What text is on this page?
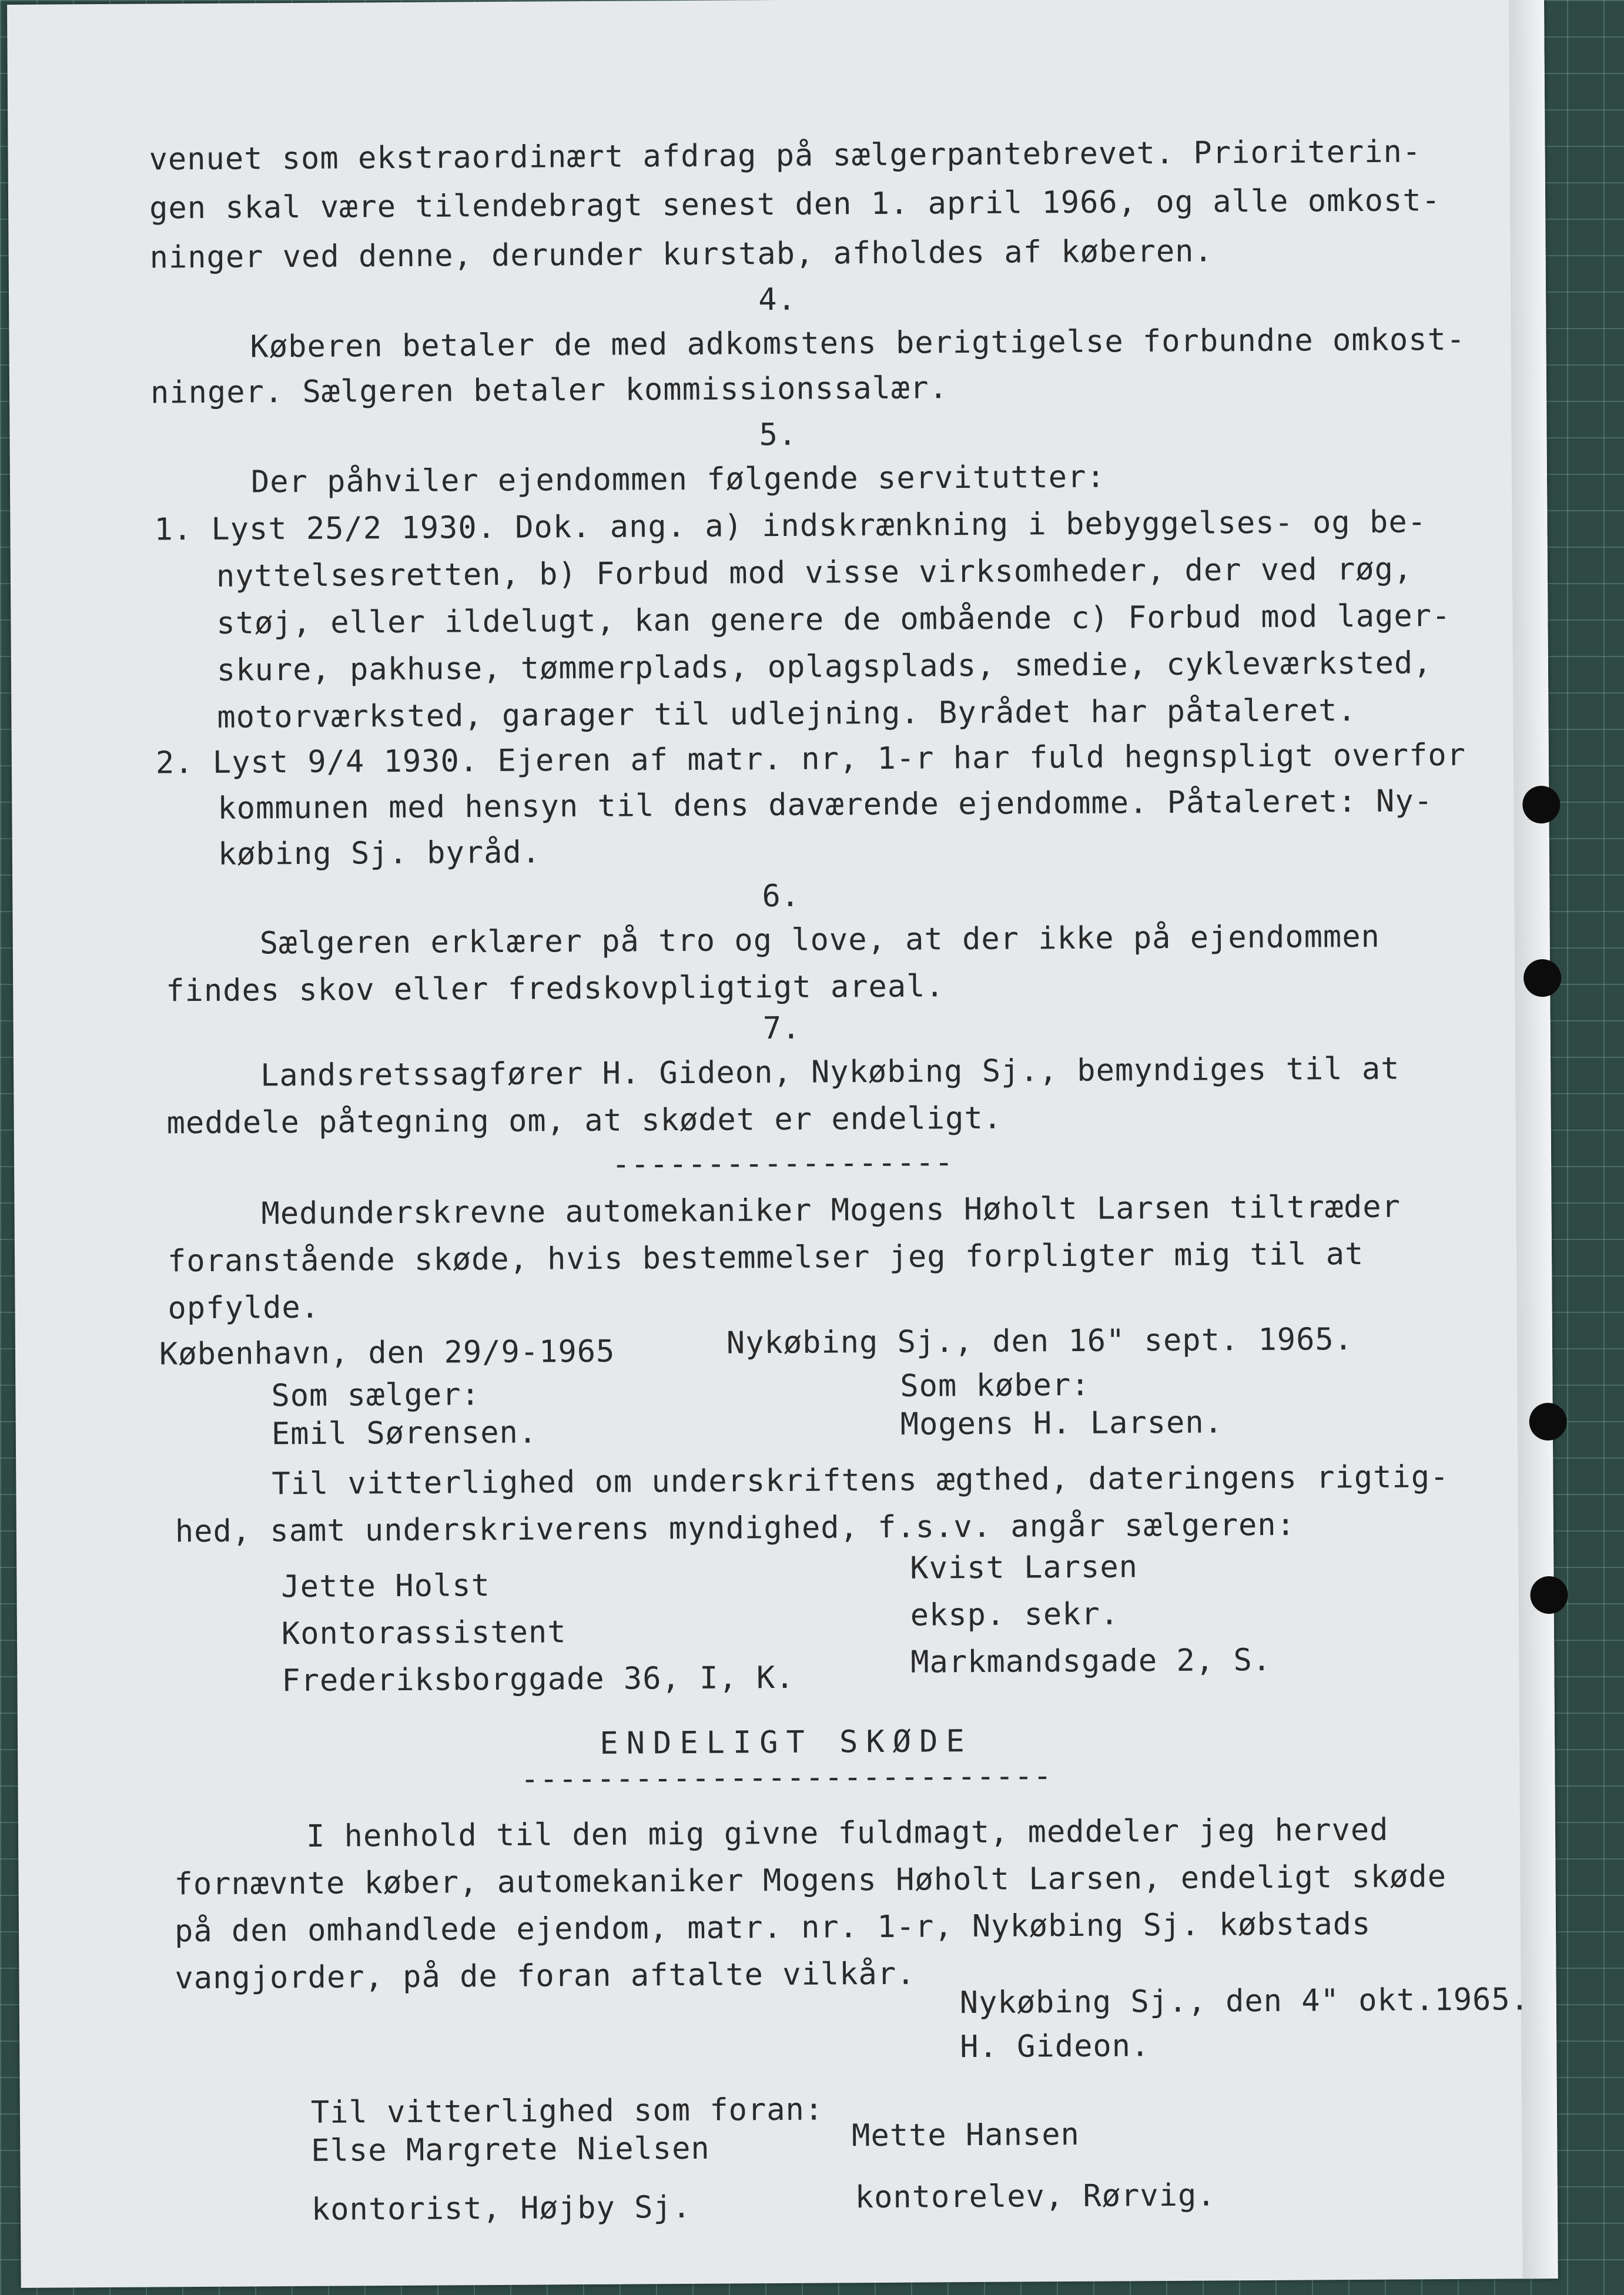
venuet som ekstraordinært afdrag på sælgerpantebrevet. Prioriterin-
gen skal være tilendebragt senest den 1. april 1966, og alle omkost-
ninger ved denne, derunder kurstab, afholdes af køberen.
4.
Køberen betaler de med adkomstens berigtigelse forbundne omkost-
ninger. Sælgeren betaler kommissionssalær.
5.
Der påhviler ejendommen følgende servitutter:
1. Lyst 25/2 1930. Dok. ang. a) indskrænkning i bebyggelses- og be-
nyttelsesretten, b) Forbud mod visse virksomheder, der ved røg,
støj, eller ildelugt, kan genere de ombående c) Forbud mod lager-
skure, pakhuse, tømmerplads, oplagsplads, smedie, cykleværksted,
motorværksted, garager til udlejning. Byrådet har påtaleret.
2. Lyst 9/4 1930. Ejeren af matr. nr, 1-r har fuld hegnspligt overfor
kommunen med hensyn til dens daværende ejendomme. Påtaleret: Ny-
købing Sj. byråd.
6.
Sælgeren erklærer på tro og love, at der ikke på ejendommen
findes skov eller fredskovpligtigt areal.
7.
Landsretssagfører H. Gideon, Nykøbing Sj., bemyndiges til at
meddele påtegning om, at skødet er endeligt.
------------------
Medunderskrevne automekaniker Mogens Høholt Larsen tiltræder
foranstående skøde, hvis bestemmelser jeg forpligter mig til at
opfylde.
København, den 29/9-1965
Som sælger:
Emil Sørensen.
Nykøbing Sj., den 16" sept. 1965.
Som køber:
Mogens H. Larsen.
Til vitterlighed om underskriftens ægthed, dateringens rigtig-
hed, samt underskriverens myndighed, f.s.v. angår sælgeren:
Jette Holst
Kontorassistent
Frederiksborggade 36, I, K.
Kvist Larsen
eksp. sekr.
Markmandsgade 2, S.
ENDELIGT SKØDE
----------------------------
I henhold til den mig givne fuldmagt, meddeler jeg herved
fornævnte køber, automekaniker Mogens Høholt Larsen, endeligt skøde
på den omhandlede ejendom, matr. nr. 1-r, Nykøbing Sj. købstads
vangjorder, på de foran aftalte vilkår.
Nykøbing Sj., den 4" okt.1965.
H. Gideon.
Til vitterlighed som foran:
Else Margrete Nielsen
kontorist, Højby Sj.
Mette Hansen
kontorelev, Rørvig.
